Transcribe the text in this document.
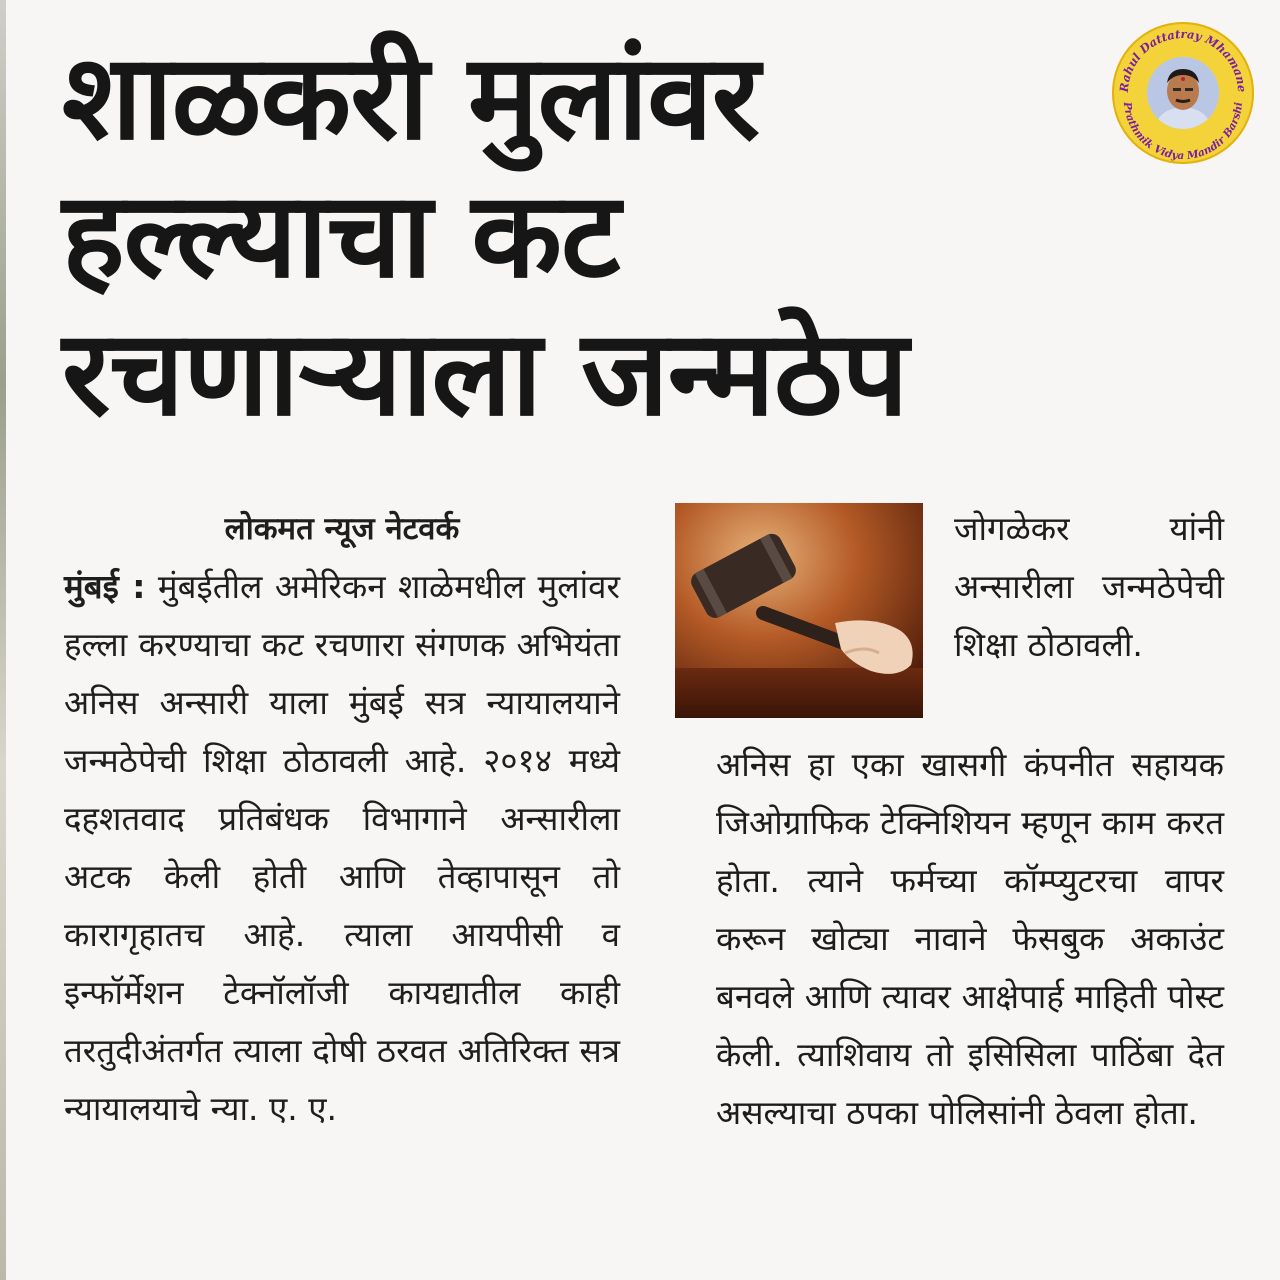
शाळकरी मुलांवर
हल्ल्याचा कट
रचणाऱ्याला जन्मठेप
Rahul Dattatray Mhamane
Prathmik Vidya Mandir Barshi

लोकमत न्यूज नेटवर्क

मुंबई : मुंबईतील अमेरिकन शाळेमधील मुलांवर हल्ला करण्याचा कट रचणारा संगणक अभियंता अनिस अन्सारी याला मुंबई सत्र न्यायालयाने जन्मठेपेची शिक्षा ठोठावली आहे. २०१४ मध्ये दहशतवाद प्रतिबंधक विभागाने अन्सारीला अटक केली होती आणि तेव्हापासून तो कारागृहातच आहे. त्याला आयपीसी व इन्फॉर्मेशन टेक्नॉलॉजी कायद्यातील काही तरतुदीअंतर्गत त्याला दोषी ठरवत अतिरिक्त सत्र न्यायालयाचे न्या. ए. ए.

जोगळेकर यांनी अन्सारीला जन्मठेपेची शिक्षा ठोठावली.

अनिस हा एका खासगी कंपनीत सहायक जिओग्राफिक टेक्निशियन म्हणून काम करत होता. त्याने फर्मच्या कॉम्प्युटरचा वापर करून खोट्या नावाने फेसबुक अकाउंट बनवले आणि त्यावर आक्षेपार्ह माहिती पोस्ट केली. त्याशिवाय तो इसिसिला पाठिंबा देत असल्याचा ठपका पोलिसांनी ठेवला होता.
